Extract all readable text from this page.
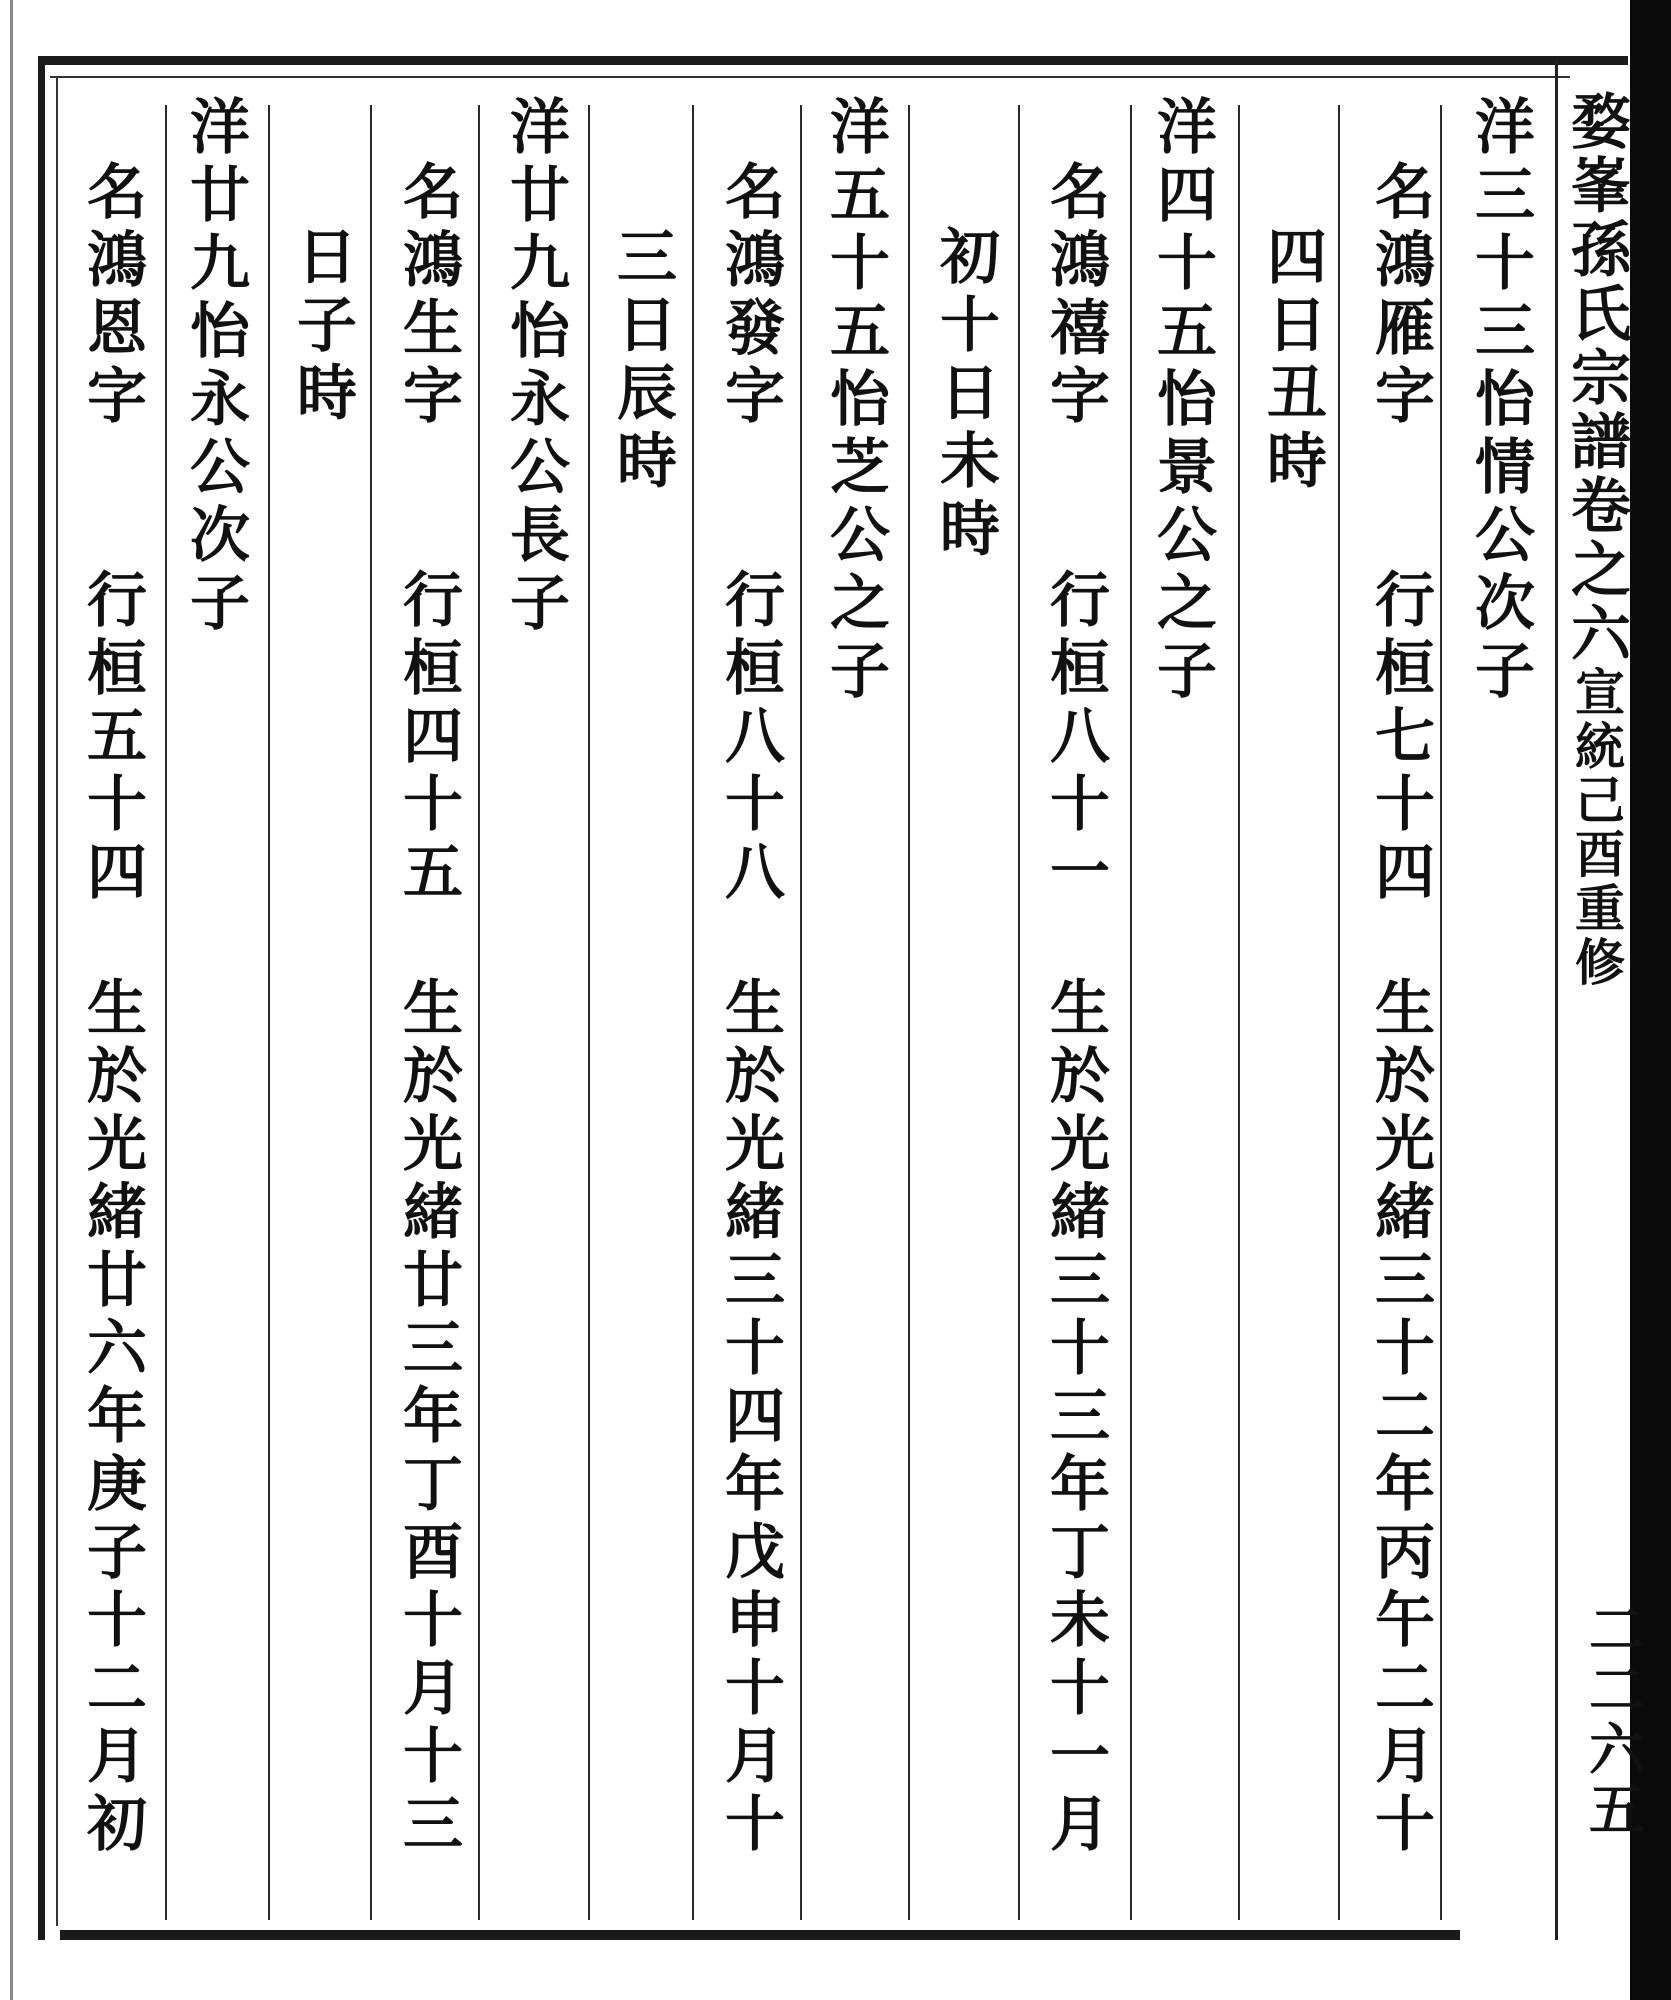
婺峯孫氏宗譜卷之六宣統己酉重修
二二六五
洋三十三怡情公次子
名鴻雁字　　行桓七十四　生於光緒三十二年丙午二月十
四日丑時
洋四十五怡景公之子
名鴻禧字　　行桓八十一　生於光緒三十三年丁未十一月
初十日未時
洋五十五怡芝公之子
名鴻發字　　行桓八十八　生於光緒三十四年戊申十月十
三日辰時
洋廿九怡永公長子
名鴻生字　　行桓四十五　生於光緒廿三年丁酉十月十三
日子時
洋廿九怡永公次子
名鴻恩字　　行桓五十四　生於光緒廿六年庚子十二月初
